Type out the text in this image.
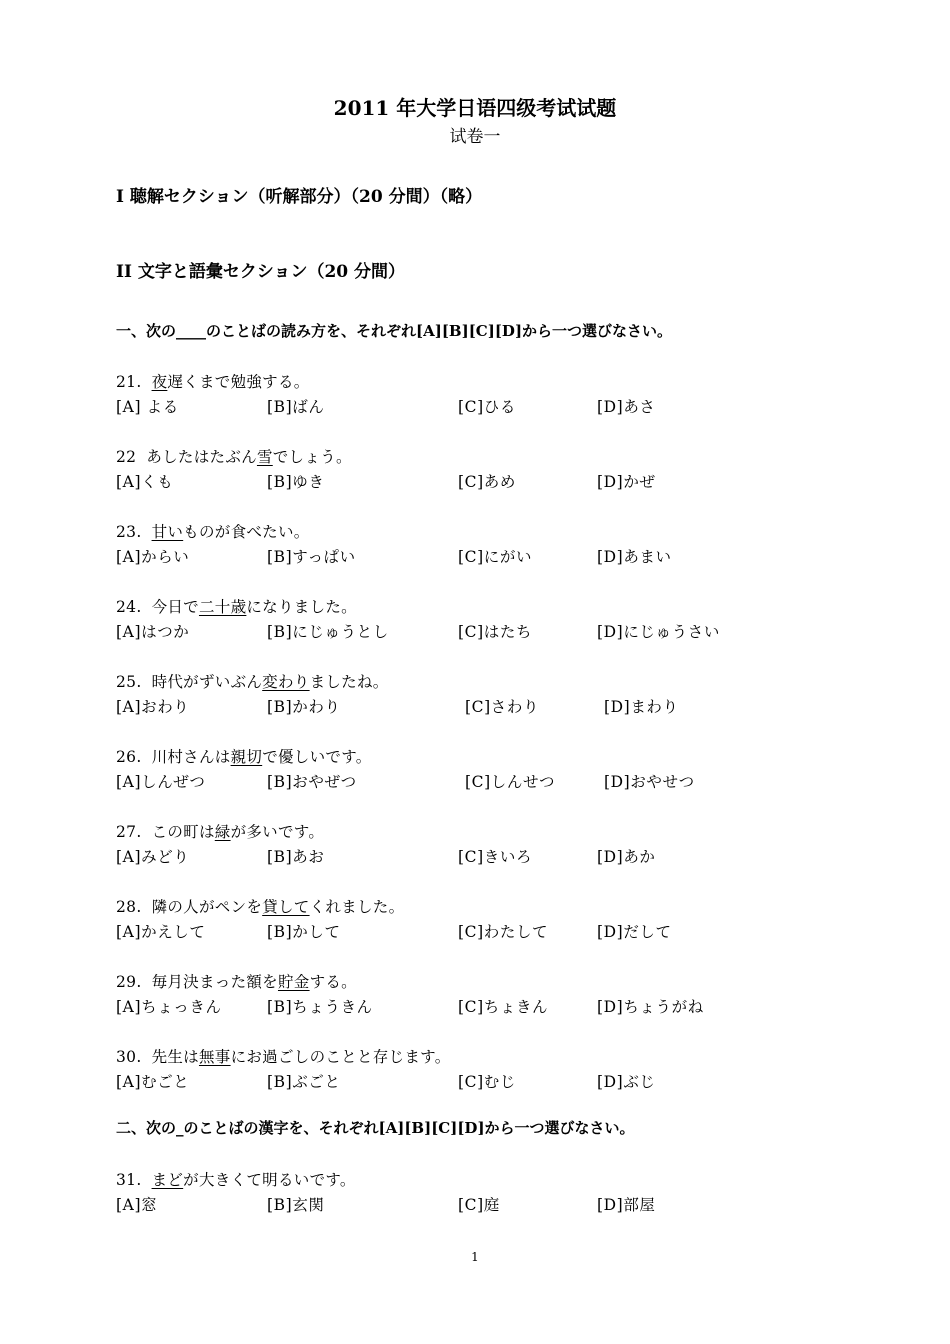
2011 年大学日语四级考试试题
试卷一
I 聴解セクション（听解部分）（20 分間）（略）
II 文字と語彙セクション（20 分間）
一、次の____のことばの読み方を、それぞれ[A][B][C][D]から一つ選びなさい。
21. 夜遅くまで勉強する。
[A] よる	[B]ばん	[C]ひる	[D]あさ
22 あしたはたぶん雪でしょう。
[A]くも	[B]ゆき	[C]あめ	[D]かぜ
23. 甘いものが食べたい。
[A]からい	[B]すっぱい	[C]にがい	[D]あまい
24. 今日で二十歳になりました。
[A]はつか	[B]にじゅうとし	[C]はたち	[D]にじゅうさい
25. 時代がずいぶん変わりましたね。
[A]おわり	[B]かわり	[C]さわり	[D]まわり
26. 川村さんは親切で優しいです。
[A]しんぜつ	[B]おやぜつ	[C]しんせつ	[D]おやせつ
27. この町は緑が多いです。
[A]みどり	[B]あお	[C]きいろ	[D]あか
28. 隣の人がペンを貸してくれました。
[A]かえして	[B]かして	[C]わたして	[D]だして
29. 毎月決まった額を貯金する。
[A]ちょっきん	[B]ちょうきん	[C]ちょきん	[D]ちょうがね
30. 先生は無事にお過ごしのことと存じます。
[A]むごと	[B]ぶごと	[C]むじ	[D]ぶじ
31. まどが大きくて明るいです。
[A]窓	[B]玄関	[C]庭	[D]部屋
二、次の_のことばの漢字を、それぞれ[A][B][C][D]から一つ選びなさい。
1
